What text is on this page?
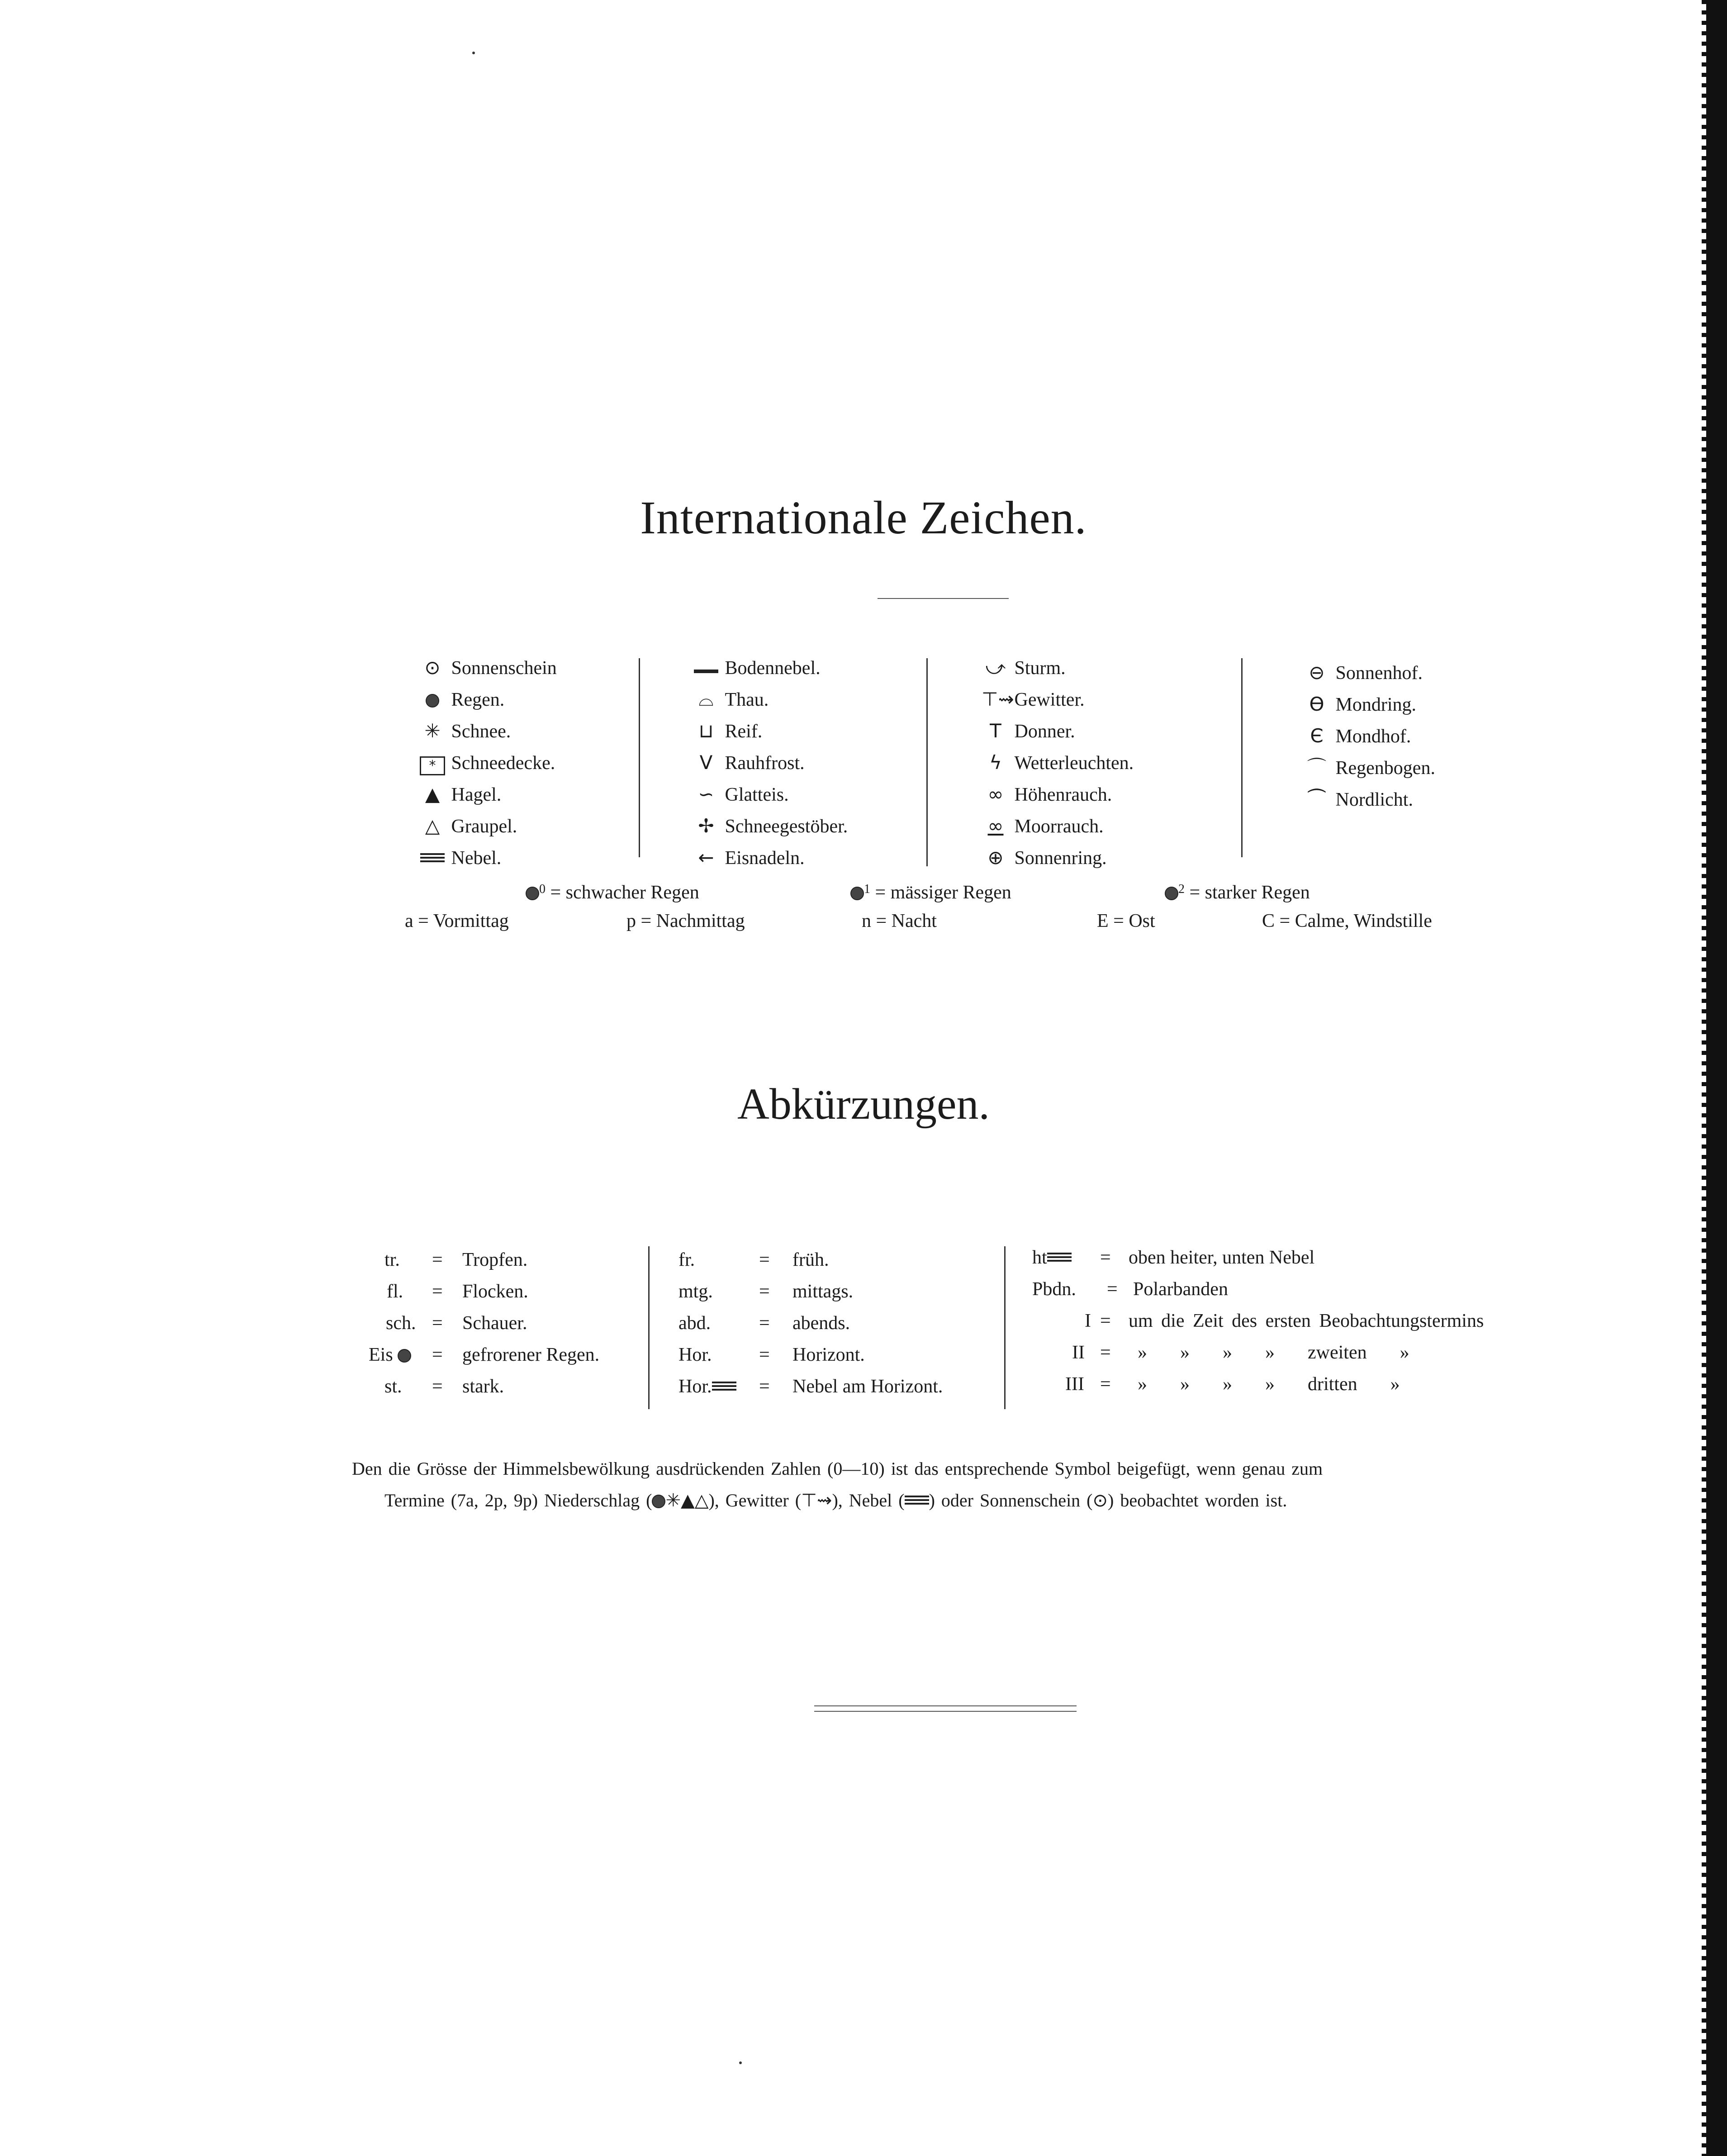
Internationale Zeichen.
⊙ Sonnenschein
Regen.
✳ Schnee.
* Schneedecke.
▲ Hagel.
△ Graupel.
Nebel.
Bodennebel.
⌓ Thau.
⊔ Reif.
V Rauhfrost.
∽ Glatteis.
✢ Schneegestöber.
← Eisnadeln.
⤻ Sturm.
⊤⇝ Gewitter.
T Donner.
ϟ Wetterleuchten.
∞ Höhenrauch.
∞ Moorrauch.
⊕ Sonnenring.
⊖ Sonnenhof.
ϴ Mondring.
Є Mondhof.
⌒ Regenbogen.
⏜ Nordlicht.
$^0$ = schwacher Regen	$^1$ = mässiger Regen	$^2$ = starker Regen
a = Vormittag	p = Nachmittag	n = Nacht	E = Ost	C = Calme, Windstille
Abkürzungen.
tr. = Tropfen.
fl. = Flocken.
sch. = Schauer.
Eis	= gefrorener Regen.
st. = stark.
fr.	= früh.
mtg. = mittags.
abd.	= abends.
Hor. = Horizont.
Hor.	= Nebel am Horizont.
ht	= oben heiter, unten Nebel
Pbdn. = Polarbanden
I = um die Zeit des ersten Beobachtungstermins
II = »  »  »  »  zweiten  »
III = »  »  »  »  dritten  »
Den die Grösse der Himmelsbewölkung ausdrückenden Zahlen (0—10) ist das entsprechende Symbol beigefügt, wenn genau zum
Termine (7a, 2p, 9p) Niederschlag ( ✳▲△), Gewitter (⊤⇝), Nebel ( ) oder Sonnenschein (⊙) beobachtet worden ist.
